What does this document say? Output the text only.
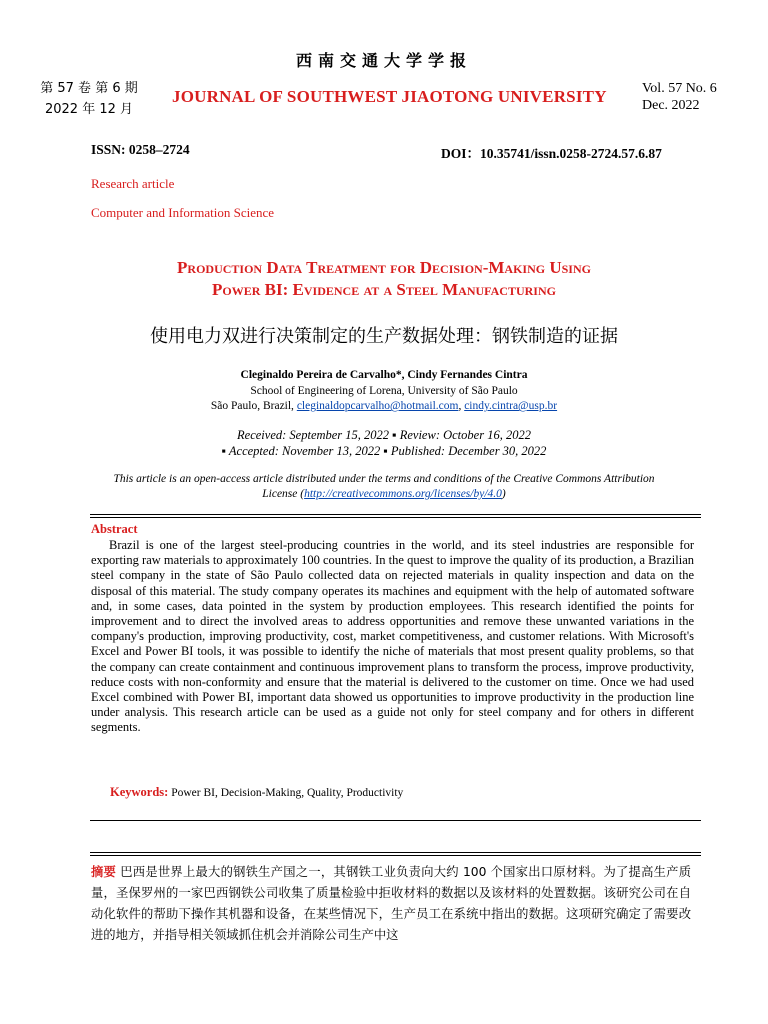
西南交通大学学报
第 57 卷 第 6 期
2022 年 12 月
JOURNAL OF SOUTHWEST JIAOTONG UNIVERSITY	Vol. 57 No. 6
Dec. 2022
ISSN: 0258–2724	DOI：10.35741/issn.0258-2724.57.6.87
Research article
Computer and Information Science
Production Data Treatment for Decision-Making Using
Power BI: Evidence at a Steel Manufacturing
使用电力双进行决策制定的生产数据处理：钢铁制造的证据
Cleginaldo Pereira de Carvalho*, Cindy Fernandes Cintra
School of Engineering of Lorena, University of São Paulo
São Paulo, Brazil, cleginaldopcarvalho@hotmail.com, cindy.cintra@usp.br
Received: September 15, 2022 ▪ Review: October 16, 2022
▪ Accepted: November 13, 2022 ▪ Published: December 30, 2022
This article is an open-access article distributed under the terms and conditions of the Creative Commons Attribution License (http://creativecommons.org/licenses/by/4.0)
Abstract
Brazil is one of the largest steel-producing countries in the world, and its steel industries are responsible for exporting raw materials to approximately 100 countries. In the quest to improve the quality of its production, a Brazilian steel company in the state of São Paulo collected data on rejected materials in quality inspection and data on the disposal of this material. The study company operates its machines and equipment with the help of automated software and, in some cases, data pointed in the system by production employees. This research identified the points for improvement and to direct the involved areas to address opportunities and remove these unwanted variations in the company's production, improving productivity, cost, market competitiveness, and customer relations. With Microsoft's Excel and Power BI tools, it was possible to identify the niche of materials that most present quality problems, so that the company can create containment and continuous improvement plans to transform the process, improve productivity, reduce costs with non-conformity and ensure that the material is delivered to the customer on time. Once we had used Excel combined with Power BI, important data showed us opportunities to improve productivity in the production line under analysis. This research article can be used as a guide not only for steel company and for others in different segments.
Keywords: Power BI, Decision-Making, Quality, Productivity
摘要 巴西是世界上最大的钢铁生产国之一，其钢铁工业负责向大约 100 个国家出口原材料。为了提高生产质量，圣保罗州的一家巴西钢铁公司收集了质量检验中拒收材料的数据以及该材料的处置数据。该研究公司在自动化软件的帮助下操作其机器和设备，在某些情况下，生产员工在系统中指出的数据。这项研究确定了需要改进的地方，并指导相关领域抓住机会并消除公司生产中这
